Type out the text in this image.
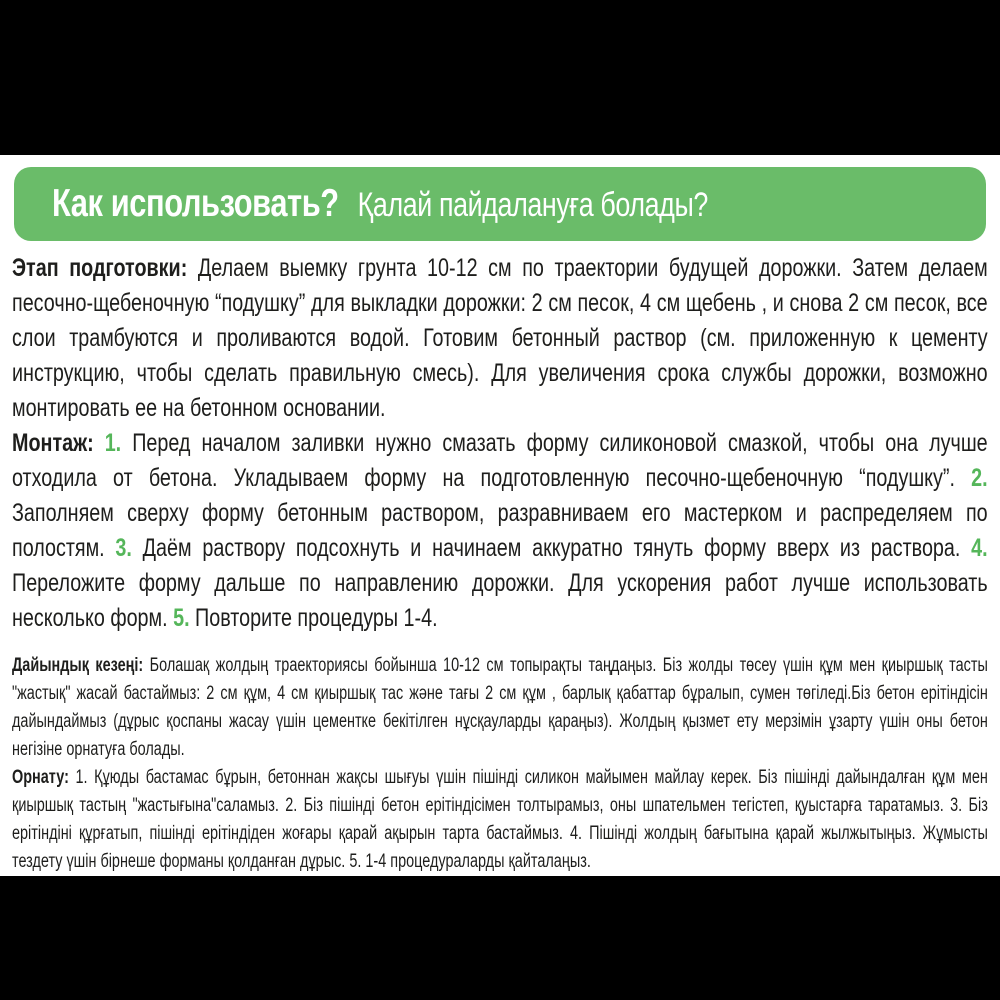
Как использовать? Қалай пайдалануға болады?

Этап подготовки: Делаем выемку грунта 10-12 см по траектории будущей дорожки. Затем делаем песочно-щебеночную “подушку” для выкладки дорожки: 2 см песок, 4 см щебень , и снова 2 см песок, все слои трамбуются и проливаются водой. Готовим бетонный раствор (см. приложенную к цементу инструкцию, чтобы сделать правильную смесь). Для увеличения срока службы дорожки, возможно монтировать ее на бетонном основании.

Монтаж: 1. Перед началом заливки нужно смазать форму силиконовой смазкой, чтобы она лучше отходила от бетона. Укладываем форму на подготовленную песочно-щебеночную “подушку”. 2. Заполняем сверху форму бетонным раствором, разравниваем его мастерком и распределяем по полостям. 3. Даём раствору подсохнуть и начинаем аккуратно тянуть форму вверх из раствора. 4. Переложите форму дальше по направлению дорожки. Для ускорения работ лучше использовать несколько форм. 5. Повторите процедуры 1-4.

Дайындық кезеңі: Болашақ жолдың траекториясы бойынша 10-12 см топырақты таңдаңыз. Біз жолды төсеу үшін құм мен қиыршық тасты "жастық" жасай бастаймыз: 2 см құм, 4 см қиыршық тас және тағы 2 см құм , барлық қабаттар бұралып, сумен төгіледі.Біз бетон ерітіндісін дайындаймыз (дұрыс қоспаны жасау үшін цементке бекітілген нұсқауларды қараңыз). Жолдың қызмет ету мерзімін ұзарту үшін оны бетон негізіне орнатуға болады.

Орнату: 1. Құюды бастамас бұрын, бетоннан жақсы шығуы үшін пішінді силикон майымен майлау керек. Біз пішінді дайындалған құм мен қиыршық тастың "жастығына"саламыз. 2. Біз пішінді бетон ерітіндісімен толтырамыз, оны шпательмен тегістеп, қуыстарға таратамыз. 3. Біз ерітіндіні құрғатып, пішінді ерітіндіден жоғары қарай ақырын тарта бастаймыз. 4. Пішінді жолдың бағытына қарай жылжытыңыз. Жұмысты тездету үшін бірнеше форманы қолданған дұрыс. 5. 1-4 процедураларды қайталаңыз.
